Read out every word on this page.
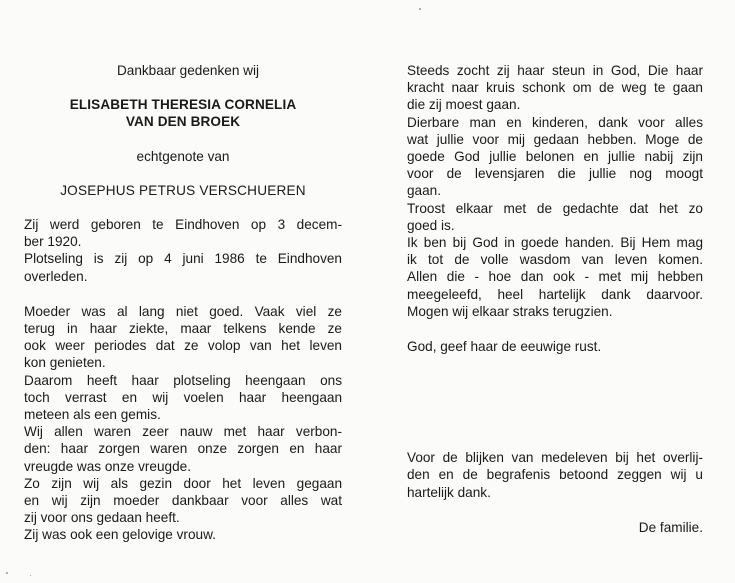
Dankbaar gedenken wij
ELISABETH THERESIA CORNELIA
VAN DEN BROEK
echtgenote van
JOSEPHUS PETRUS VERSCHUEREN
Zij werd geboren te Eindhoven op 3 decem-
ber 1920.
Plotseling is zij op 4 juni 1986 te Eindhoven
overleden.
Moeder was al lang niet goed. Vaak viel ze
terug in haar ziekte, maar telkens kende ze
ook weer periodes dat ze volop van het leven
kon genieten.
Daarom heeft haar plotseling heengaan ons
toch verrast en wij voelen haar heengaan
meteen als een gemis.
Wij allen waren zeer nauw met haar verbon-
den: haar zorgen waren onze zorgen en haar
vreugde was onze vreugde.
Zo zijn wij als gezin door het leven gegaan
en wij zijn moeder dankbaar voor alles wat
zij voor ons gedaan heeft.
Zij was ook een gelovige vrouw.
Steeds zocht zij haar steun in God, Die haar
kracht naar kruis schonk om de weg te gaan
die zij moest gaan.
Dierbare man en kinderen, dank voor alles
wat jullie voor mij gedaan hebben. Moge de
goede God jullie belonen en jullie nabij zijn
voor de levensjaren die jullie nog moogt
gaan.
Troost elkaar met de gedachte dat het zo
goed is.
Ik ben bij God in goede handen. Bij Hem mag
ik tot de volle wasdom van leven komen.
Allen die - hoe dan ook - met mij hebben
meegeleefd, heel hartelijk dank daarvoor.
Mogen wij elkaar straks terugzien.
God, geef haar de eeuwige rust.
Voor de blijken van medeleven bij het overlij-
den en de begrafenis betoond zeggen wij u
hartelijk dank.
De familie.
